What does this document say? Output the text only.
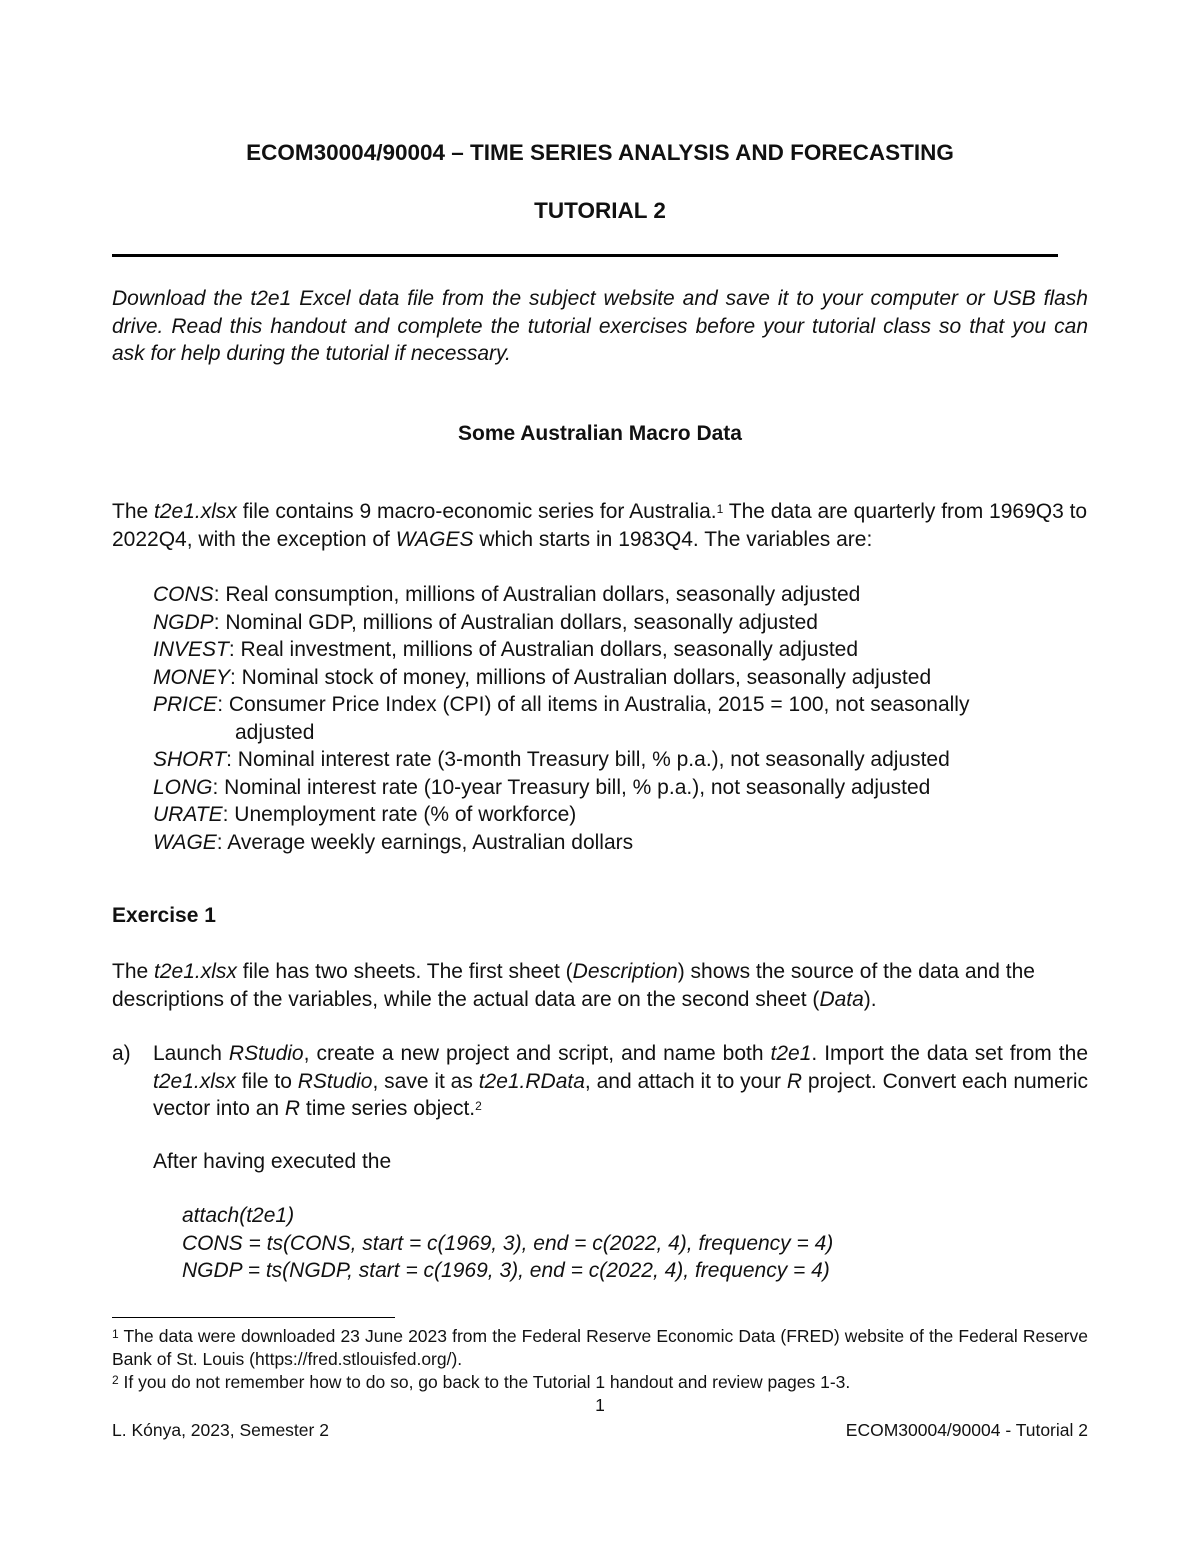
ECOM30004/90004 – TIME SERIES ANALYSIS AND FORECASTING
TUTORIAL 2
Download the t2e1 Excel data file from the subject website and save it to your computer or USB flash drive. Read this handout and complete the tutorial exercises before your tutorial class so that you can ask for help during the tutorial if necessary.
Some Australian Macro Data
The t2e1.xlsx file contains 9 macro-economic series for Australia.$^1$ The data are quarterly from 1969Q3 to 2022Q4, with the exception of WAGES which starts in 1983Q4. The variables are:
CONS: Real consumption, millions of Australian dollars, seasonally adjusted
NGDP: Nominal GDP, millions of Australian dollars, seasonally adjusted
INVEST: Real investment, millions of Australian dollars, seasonally adjusted
MONEY: Nominal stock of money, millions of Australian dollars, seasonally adjusted
PRICE: Consumer Price Index (CPI) of all items in Australia, 2015 = 100, not seasonally
adjusted
SHORT: Nominal interest rate (3-month Treasury bill, % p.a.), not seasonally adjusted
LONG: Nominal interest rate (10-year Treasury bill, % p.a.), not seasonally adjusted
URATE: Unemployment rate (% of workforce)
WAGE: Average weekly earnings, Australian dollars
Exercise 1
The t2e1.xlsx file has two sheets. The first sheet (Description) shows the source of the data and the descriptions of the variables, while the actual data are on the second sheet (Data).
a) Launch RStudio, create a new project and script, and name both t2e1. Import the data set from the t2e1.xlsx file to RStudio, save it as t2e1.RData, and attach it to your R project. Convert each numeric vector into an R time series object.$^2$
After having executed the
attach(t2e1)
CONS = ts(CONS, start = c(1969, 3), end = c(2022, 4), frequency = 4)
NGDP = ts(NGDP, start = c(1969, 3), end = c(2022, 4), frequency = 4)

$^1$ The data were downloaded 23 June 2023 from the Federal Reserve Economic Data (FRED) website of the Federal Reserve Bank of St. Louis (https://fred.stlouisfed.org/).

$^2$ If you do not remember how to do so, go back to the Tutorial 1 handout and review pages 1-3.

1
L. Kónya, 2023, Semester 2	ECOM30004/90004 - Tutorial 2
